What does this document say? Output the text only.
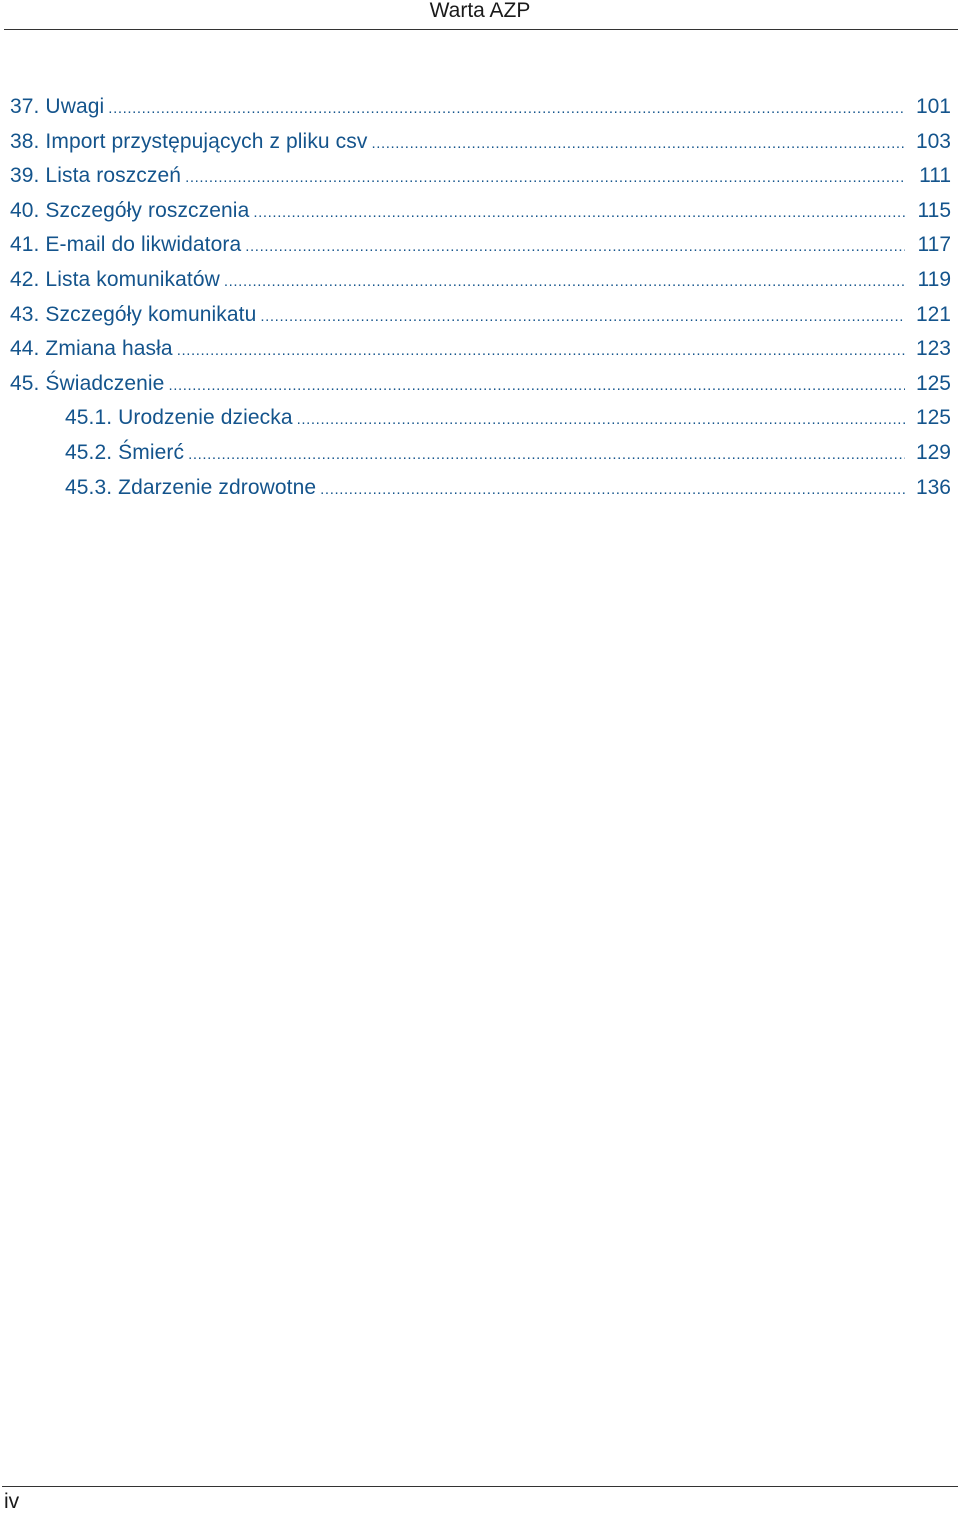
Warta AZP
37. Uwagi .....	101
38. Import przystępujących z pliku csv .....	103
39. Lista roszczeń .....	111
40. Szczegóły roszczenia .....	115
41. E-mail do likwidatora .....	117
42. Lista komunikatów .....	119
43. Szczegóły komunikatu .....	121
44. Zmiana hasła .....	123
45. Świadczenie .....	125
45.1. Urodzenie dziecka .....	125
45.2. Śmierć .....	129
45.3. Zdarzenie zdrowotne .....	136
iv
